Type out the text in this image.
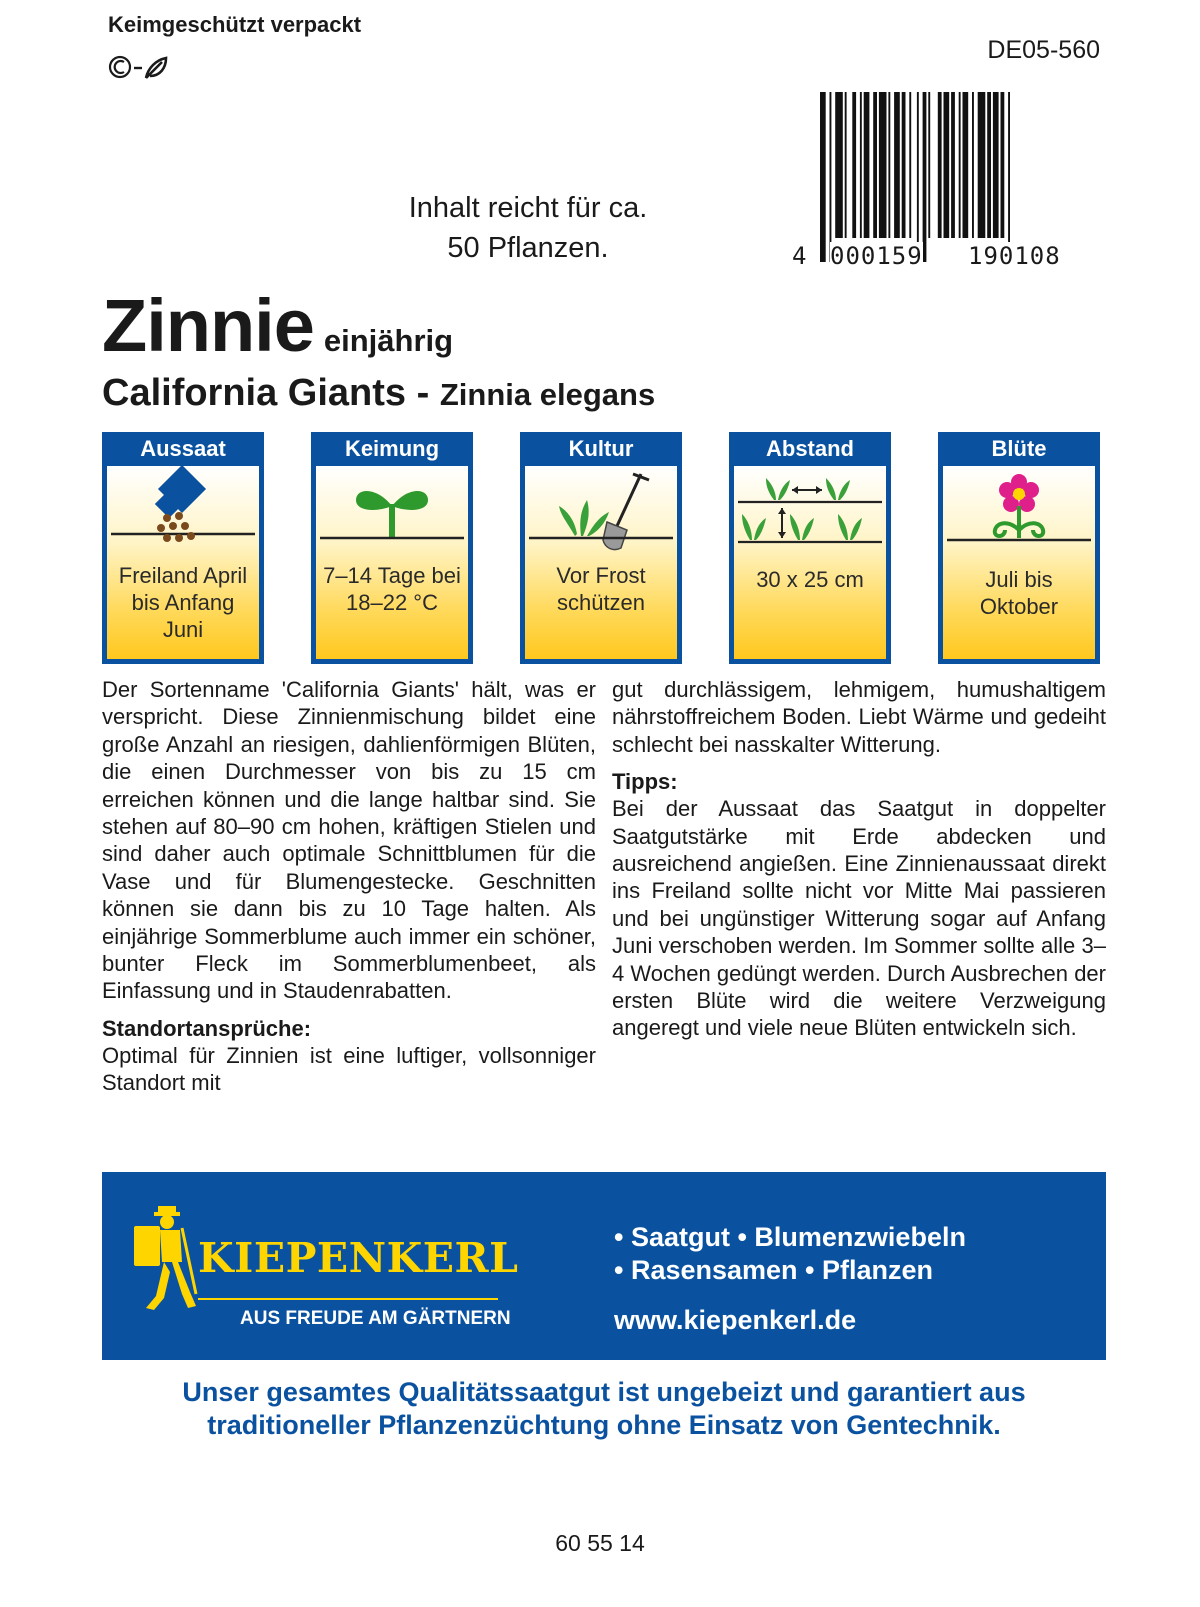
Keimgeschützt verpackt
DE05-560
4 000159 190108
Inhalt reicht für ca.
50 Pflanzen.
Zinnie einjährig
California Giants - Zinnia elegans
Aussaat
Freiland April
bis Anfang
Juni
Keimung
7–14 Tage bei
18–22 °C
Kultur
Vor Frost
schützen
Abstand
30 x 25 cm
Blüte
Juli bis
Oktober

Der Sortenname 'California Giants' hält, was er verspricht. Diese Zinnienmischung bildet eine große Anzahl an riesigen, dahlienförmigen Blüten, die einen Durchmesser von bis zu 15 cm erreichen können und die lange haltbar sind. Sie stehen auf 80–90 cm hohen, kräftigen Stielen und sind daher auch optimale Schnittblumen für die Vase und für Blumengestecke. Geschnitten können sie dann bis zu 10 Tage halten. Als einjährige Sommerblume auch immer ein schöner, bunter Fleck im Sommerblumenbeet, als Einfassung und in Staudenrabatten.

Standortansprüche:

Optimal für Zinnien ist eine luftiger, vollsonniger Standort mit

gut durchlässigem, lehmigem, humushaltigem nährstoffreichem Boden. Liebt Wärme und gedeiht schlecht bei nasskalter Witterung.

Tipps:

Bei der Aussaat das Saatgut in doppelter Saatgutstärke mit Erde abdecken und ausreichend angießen. Eine Zinnienaussaat direkt ins Freiland sollte nicht vor Mitte Mai passieren und bei ungünstiger Witterung sogar auf Anfang Juni verschoben werden. Im Sommer sollte alle 3–4 Wochen gedüngt werden. Durch Ausbrechen der ersten Blüte wird die weitere Verzweigung angeregt und viele neue Blüten entwickeln sich.

KIEPENKERL
AUS FREUDE AM GÄRTNERN
• Saatgut • Blumenzwiebeln
• Rasensamen • Pflanzen
www.kiepenkerl.de
Unser gesamtes Qualitätssaatgut ist ungebeizt und garantiert aus
traditioneller Pflanzenzüchtung ohne Einsatz von Gentechnik.
60 55 14
